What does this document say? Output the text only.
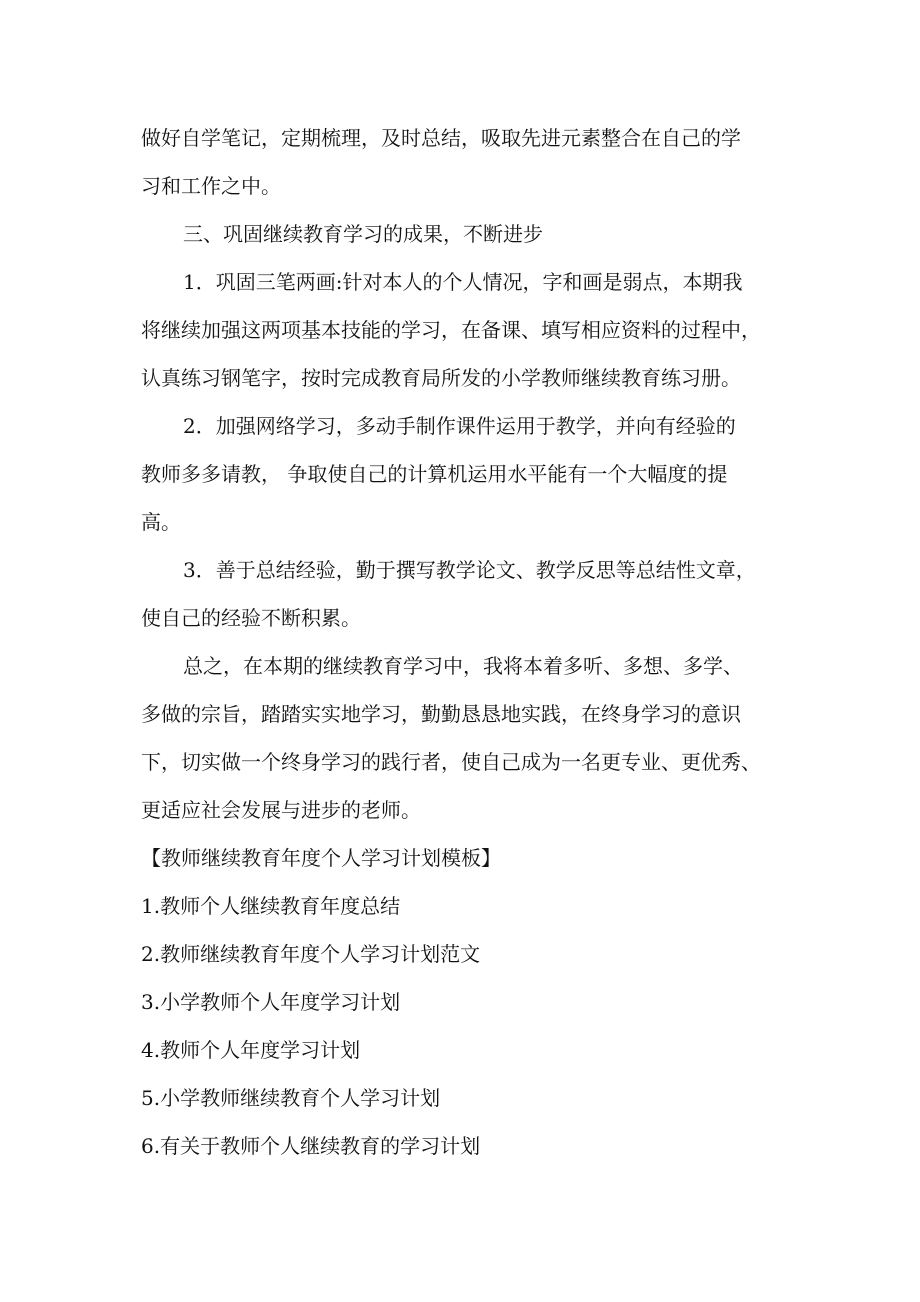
做好自学笔记，定期梳理，及时总结，吸取先进元素整合在自己的学
习和工作之中。

三、巩固继续教育学习的成果，不断进步

1．巩固三笔两画:针对本人的个人情况，字和画是弱点，本期我
将继续加强这两项基本技能的学习，在备课、填写相应资料的过程中，
认真练习钢笔字，按时完成教育局所发的小学教师继续教育练习册。

2．加强网络学习，多动手制作课件运用于教学，并向有经验的
教师多多请教， 争取使自己的计算机运用水平能有一个大幅度的提
高。

3．善于总结经验，勤于撰写教学论文、教学反思等总结性文章，
使自己的经验不断积累。

总之，在本期的继续教育学习中，我将本着多听、多想、多学、
多做的宗旨，踏踏实实地学习，勤勤恳恳地实践，在终身学习的意识
下，切实做一个终身学习的践行者，使自己成为一名更专业、更优秀、
更适应社会发展与进步的老师。

【教师继续教育年度个人学习计划模板】

1.教师个人继续教育年度总结

2.教师继续教育年度个人学习计划范文

3.小学教师个人年度学习计划

4.教师个人年度学习计划

5.小学教师继续教育个人学习计划

6.有关于教师个人继续教育的学习计划
